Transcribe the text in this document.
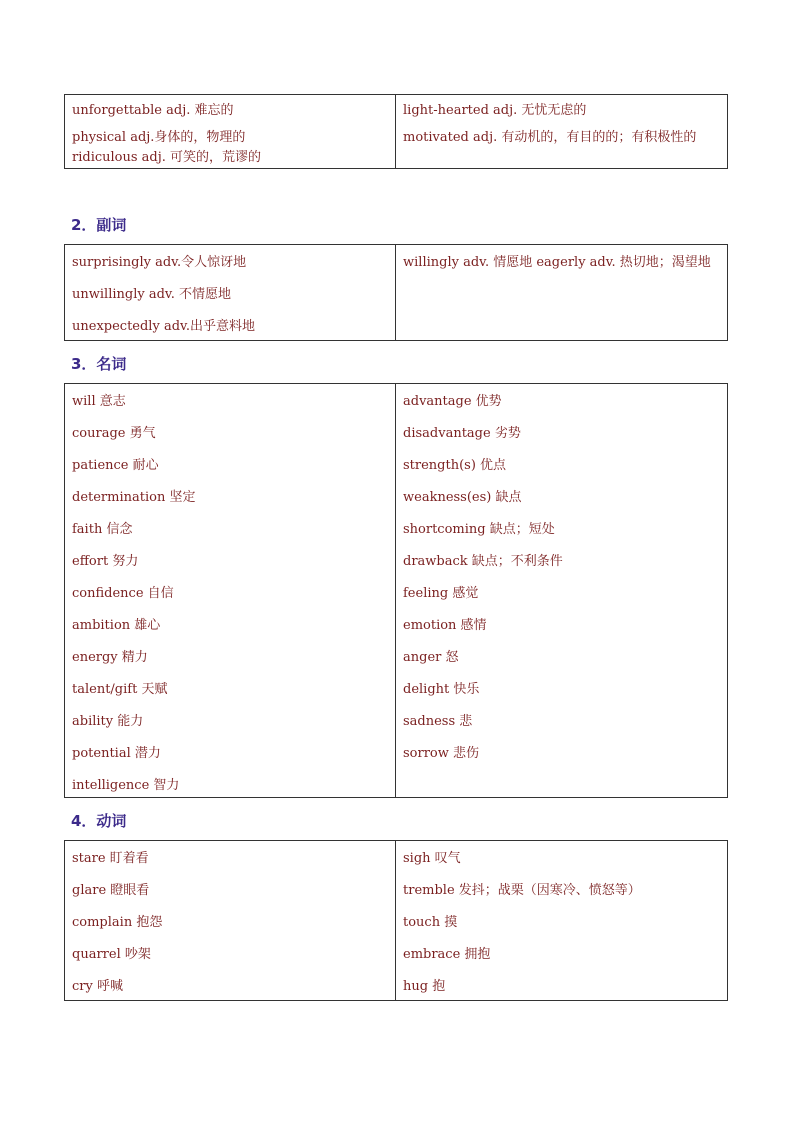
unforgettable adj. 难忘的
physical adj.身体的，物理的
ridiculous adj. 可笑的，荒谬的
light-hearted adj. 无忧无虑的
motivated adj. 有动机的，有目的的；有积极性的
2．副词
surprisingly adv.令人惊讶地
unwillingly adv. 不情愿地
unexpectedly adv.出乎意料地
willingly adv. 情愿地 eagerly adv. 热切地；渴望地
3．名词
will 意志
courage 勇气
patience 耐心
determination 坚定
faith 信念
effort 努力
confidence 自信
ambition 雄心
energy 精力
talent/gift 天赋
ability 能力
potential 潜力
intelligence 智力
advantage 优势
disadvantage 劣势
strength(s) 优点
weakness(es) 缺点
shortcoming 缺点；短处
drawback 缺点；不利条件
feeling 感觉
emotion 感情
anger 怒
delight 快乐
sadness 悲
sorrow 悲伤
4．动词
stare 盯着看
glare 瞪眼看
complain 抱怨
quarrel 吵架
cry 呼喊
sigh 叹气
tremble 发抖；战栗（因寒冷、愤怒等）
touch 摸
embrace 拥抱
hug 抱
